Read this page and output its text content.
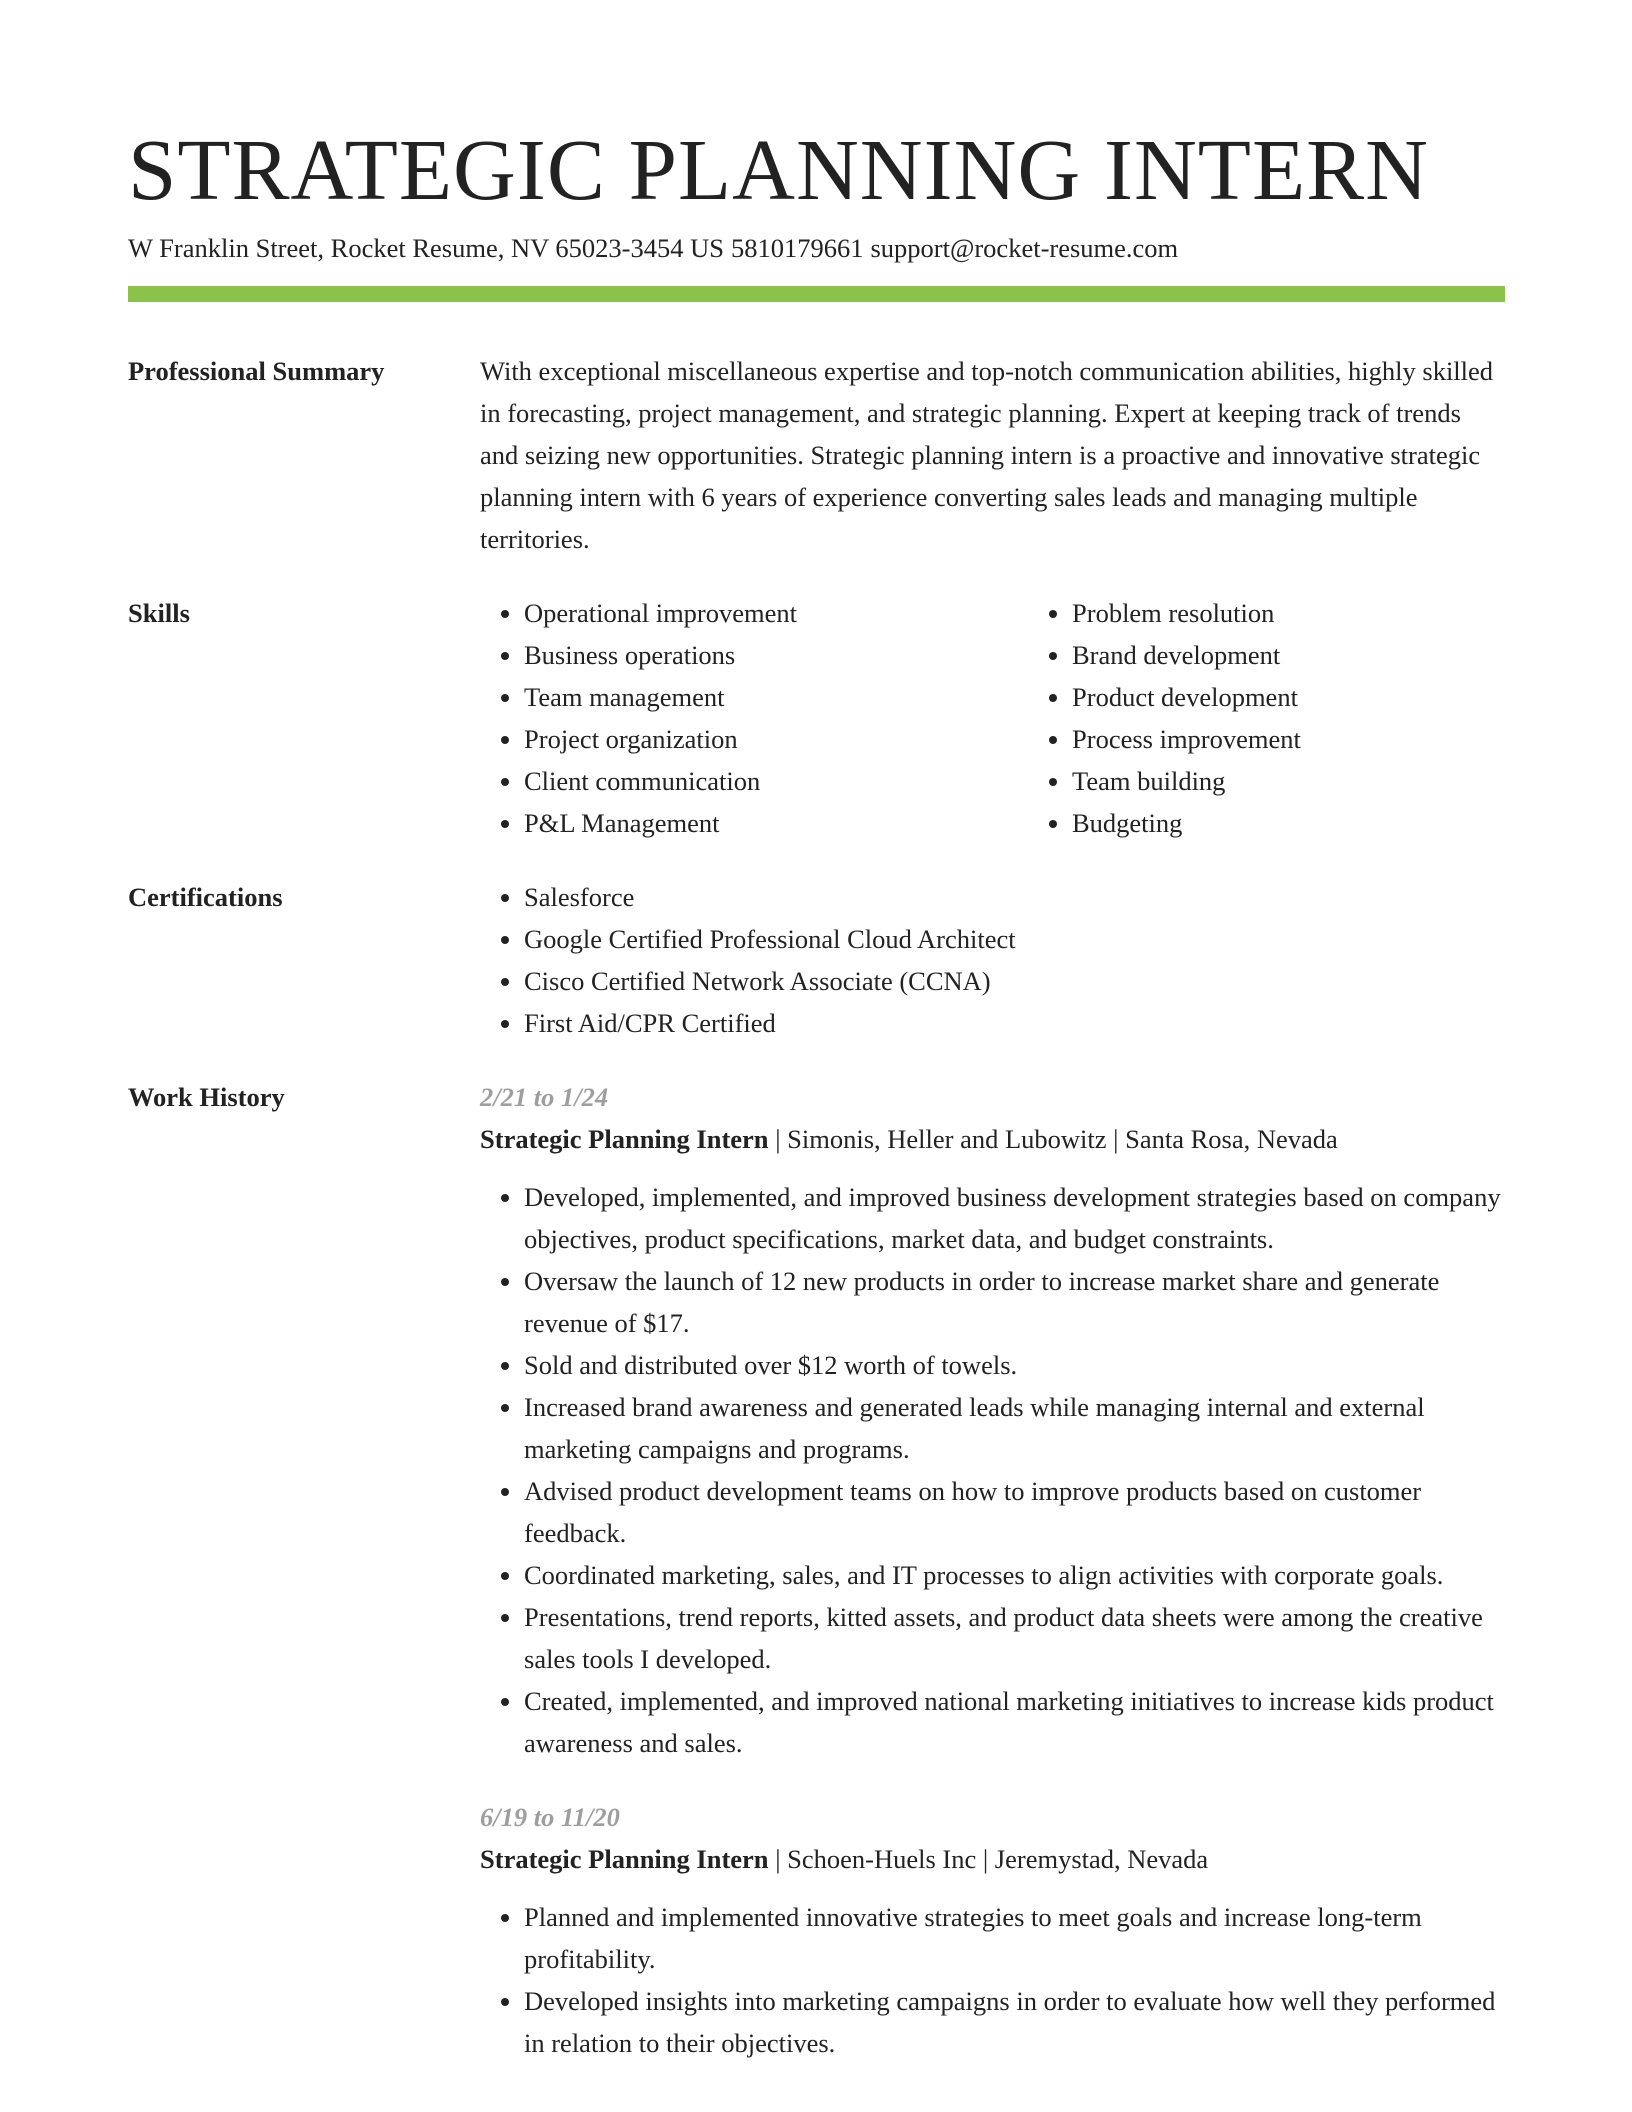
STRATEGIC PLANNING INTERN
W Franklin Street, Rocket Resume, NV 65023-3454 US 5810179661 support@rocket-resume.com
Professional Summary	With exceptional miscellaneous expertise and top-notch communication abilities, highly skilled in forecasting, project management, and strategic planning. Expert at keeping track of trends and seizing new opportunities. Strategic planning intern is a proactive and innovative strategic planning intern with 6 years of experience converting sales leads and managing multiple territories.
Skills	• Operational improvement
• Business operations
• Team management
• Project organization
• Client communication
• P&L Management
• Problem resolution
• Brand development
• Product development
• Process improvement
• Team building
• Budgeting
Certifications	• Salesforce
• Google Certified Professional Cloud Architect
• Cisco Certified Network Associate (CCNA)
• First Aid/CPR Certified
Work History	2/21 to 1/24
Strategic Planning Intern | Simonis, Heller and Lubowitz | Santa Rosa, Nevada
• Developed, implemented, and improved business development strategies based on company objectives, product specifications, market data, and budget constraints.
• Oversaw the launch of 12 new products in order to increase market share and generate revenue of $17.
• Sold and distributed over $12 worth of towels.
• Increased brand awareness and generated leads while managing internal and external marketing campaigns and programs.
• Advised product development teams on how to improve products based on customer feedback.
• Coordinated marketing, sales, and IT processes to align activities with corporate goals.
• Presentations, trend reports, kitted assets, and product data sheets were among the creative sales tools I developed.
• Created, implemented, and improved national marketing initiatives to increase kids product awareness and sales.
6/19 to 11/20
Strategic Planning Intern | Schoen-Huels Inc | Jeremystad, Nevada
• Planned and implemented innovative strategies to meet goals and increase long-term profitability.
• Developed insights into marketing campaigns in order to evaluate how well they performed in relation to their objectives.
